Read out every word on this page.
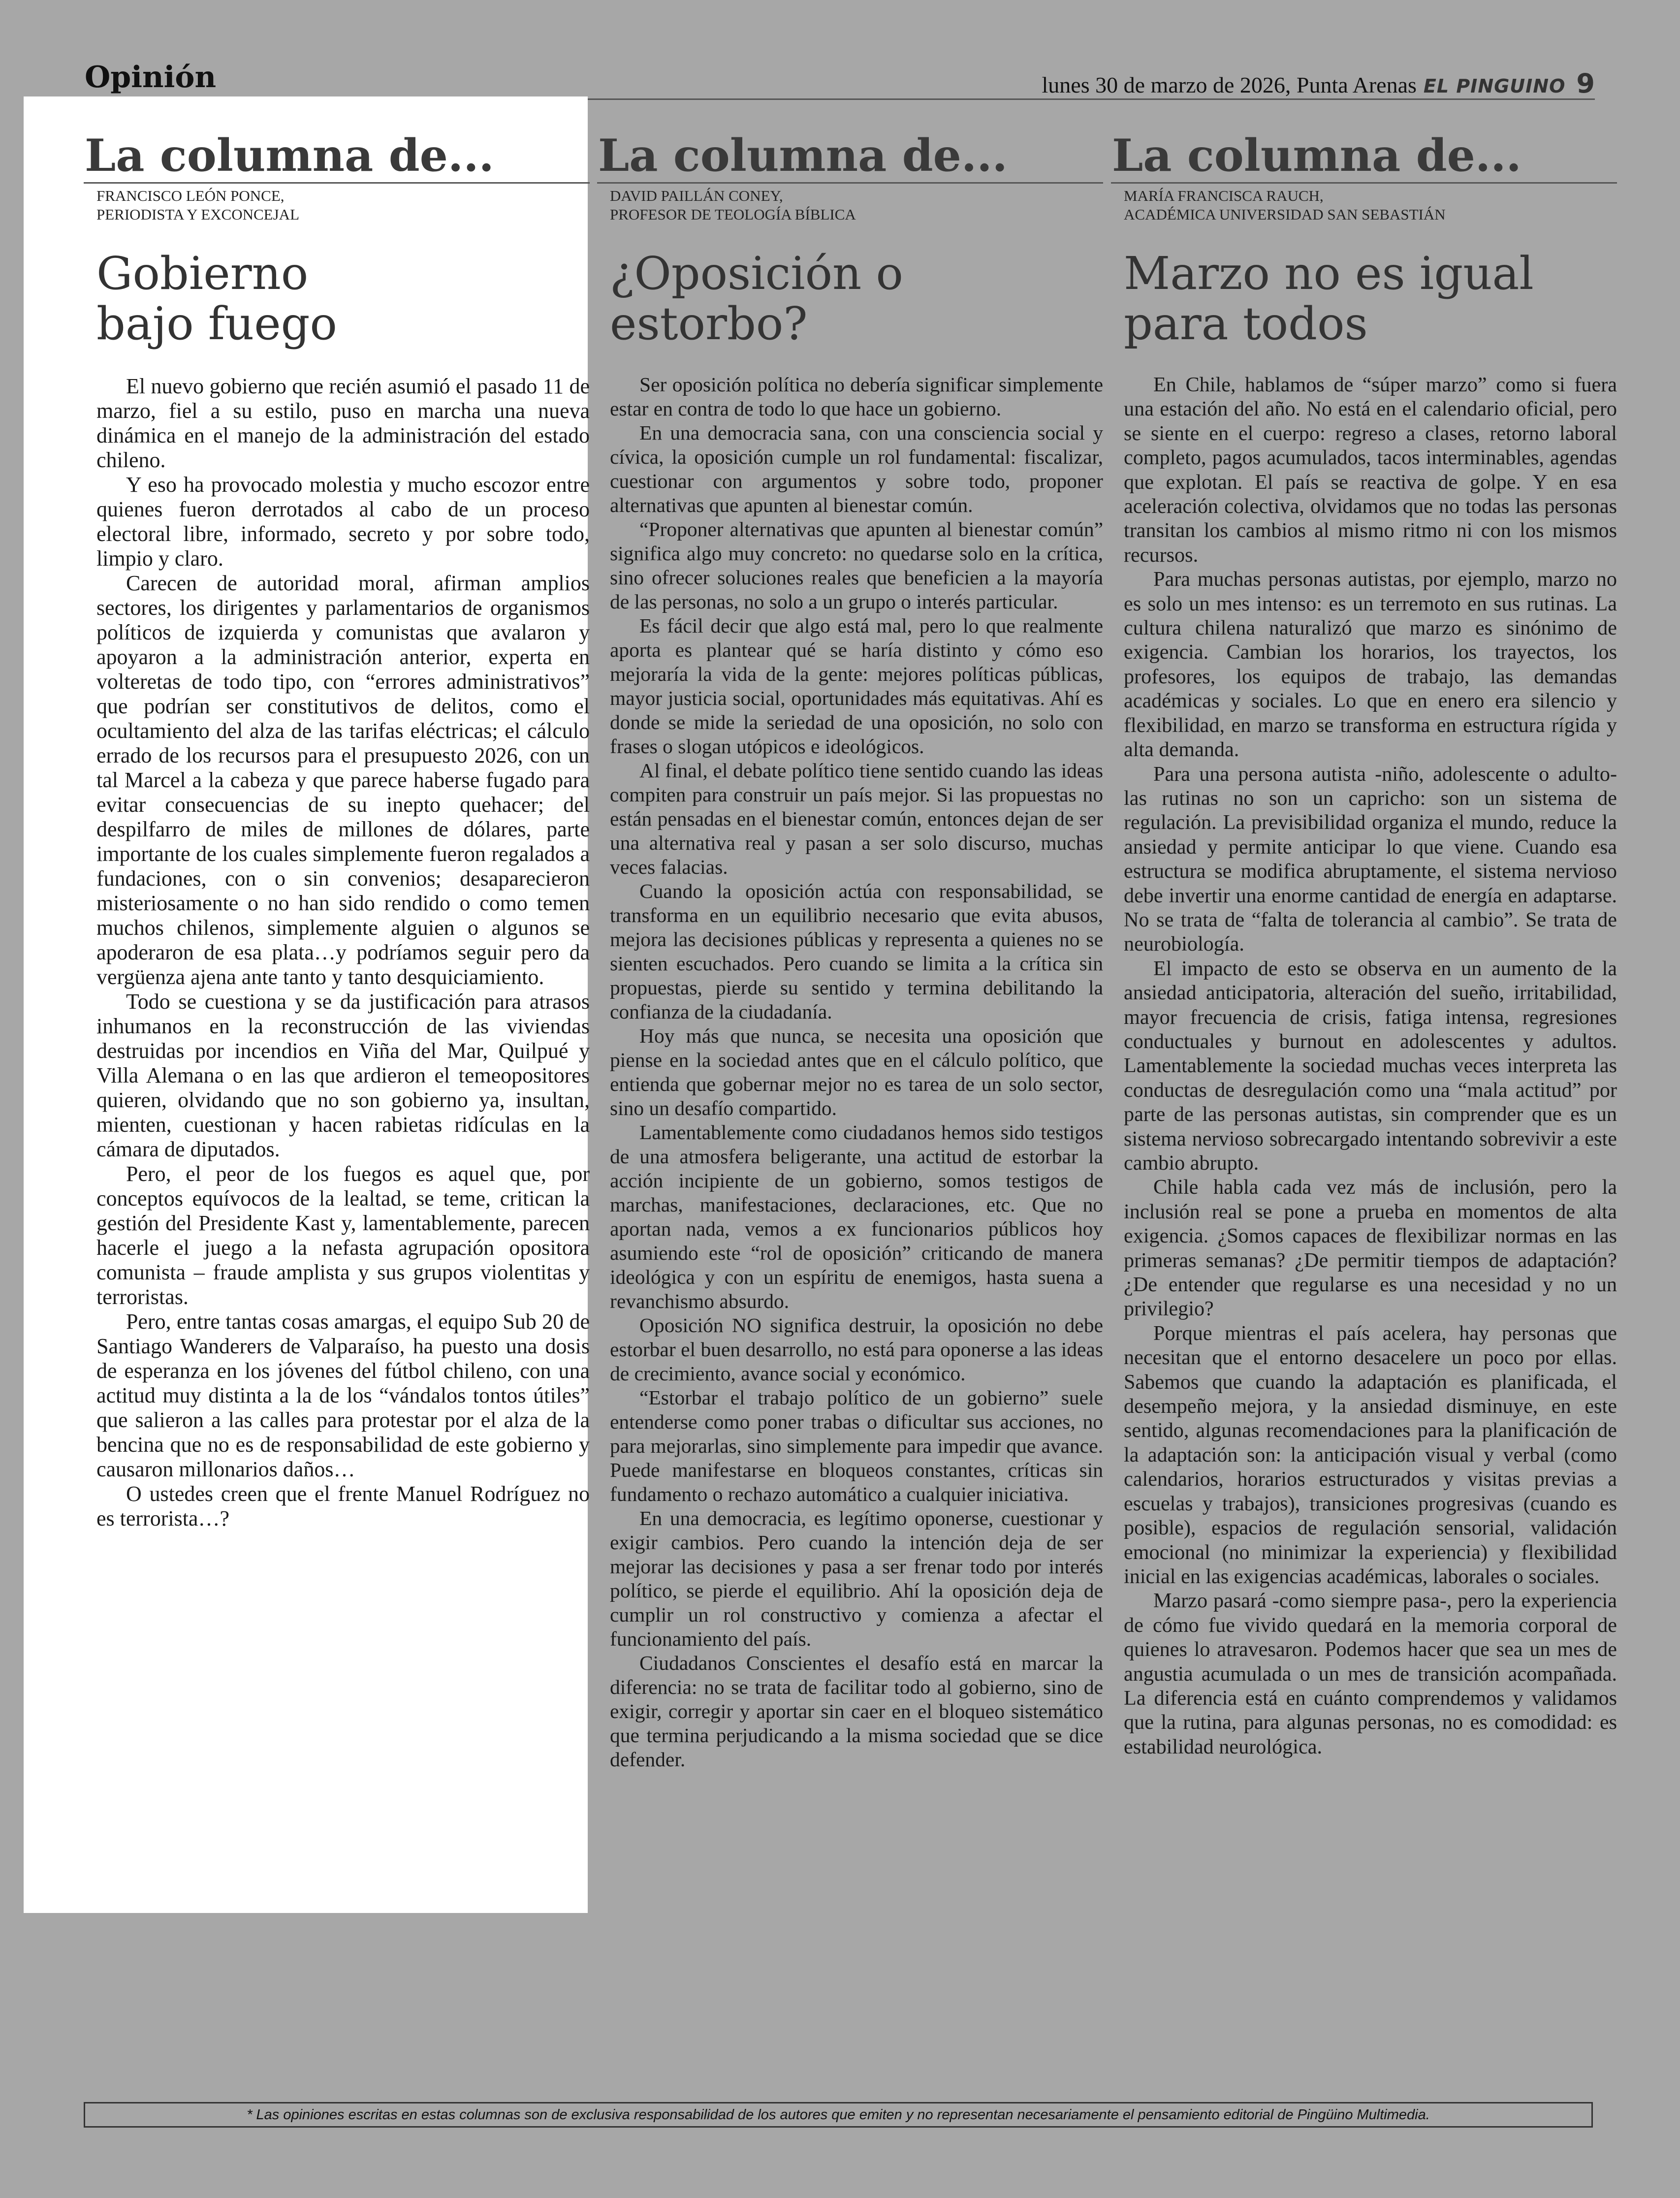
Opinión	lunes 30 de marzo de 2026, Punta Arenas EL PINGUINO 9
La columna de...
FRANCISCO LEÓN PONCE,
PERIODISTA Y EXCONCEJAL
Gobierno
bajo fuego

El nuevo gobierno que recién asumió el pasado 11 de marzo, fiel a su estilo, puso en marcha una nueva dinámica en el manejo de la administración del estado chileno.

Y eso ha provocado molestia y mucho escozor entre quienes fueron derrotados al cabo de un proceso electoral libre, informado, secreto y por sobre todo, limpio y claro.

Carecen de autoridad moral, afirman amplios sectores, los dirigentes y parlamentarios de organismos políticos de izquierda y comunistas que avalaron y apoyaron a la administración anterior, experta en volteretas de todo tipo, con “errores administrativos” que podrían ser constitutivos de delitos, como el ocultamiento del alza de las tarifas eléctricas; el cálculo errado de los recursos para el presupuesto 2026, con un tal Marcel a la cabeza y que parece haberse fugado para evitar consecuencias de su inepto quehacer; del despilfarro de miles de millones de dólares, parte importante de los cuales simplemente fueron regalados a fundaciones, con o sin convenios; desaparecieron misteriosamente o no han sido rendido o como temen muchos chilenos, simplemente alguien o algunos se apoderaron de esa plata…y podríamos seguir pero da vergüenza ajena ante tanto y tanto desquiciamiento.

Todo se cuestiona y se da justificación para atrasos inhumanos en la reconstrucción de las viviendas destruidas por incendios en Viña del Mar, Quilpué y Villa Alemana o en las que ardieron el temeopositores quieren, olvidando que no son gobierno ya, insultan, mienten, cuestionan y hacen rabietas ridículas en la cámara de diputados.

Pero, el peor de los fuegos es aquel que, por conceptos equívocos de la lealtad, se teme, critican la gestión del Presidente Kast y, lamentablemente, parecen hacerle el juego a la nefasta agrupación opositora comunista – fraude amplista y sus grupos violentitas y terroristas.

Pero, entre tantas cosas amargas, el equipo Sub 20 de Santiago Wanderers de Valparaíso, ha puesto una dosis de esperanza en los jóvenes del fútbol chileno, con una actitud muy distinta a la de los “vándalos tontos útiles” que salieron a las calles para protestar por el alza de la bencina que no es de responsabilidad de este gobierno y causaron millonarios daños…

O ustedes creen que el frente Manuel Rodríguez no es terrorista…?

La columna de...
DAVID PAILLÁN CONEY,
PROFESOR DE TEOLOGÍA BÍBLICA
¿Oposición o
estorbo?

Ser oposición política no debería significar simplemente estar en contra de todo lo que hace un gobierno.

En una democracia sana, con una consciencia social y cívica, la oposición cumple un rol fundamental: fiscalizar, cuestionar con argumentos y sobre todo, proponer alternativas que apunten al bienestar común.

“Proponer alternativas que apunten al bienestar común” significa algo muy concreto: no quedarse solo en la crítica, sino ofrecer soluciones reales que beneficien a la mayoría de las personas, no solo a un grupo o interés particular.

Es fácil decir que algo está mal, pero lo que realmente aporta es plantear qué se haría distinto y cómo eso mejoraría la vida de la gente: mejores políticas públicas, mayor justicia social, oportunidades más equitativas. Ahí es donde se mide la seriedad de una oposición, no solo con frases o slogan utópicos e ideológicos.

Al final, el debate político tiene sentido cuando las ideas compiten para construir un país mejor. Si las propuestas no están pensadas en el bienestar común, entonces dejan de ser una alternativa real y pasan a ser solo discurso, muchas veces falacias.

Cuando la oposición actúa con responsabilidad, se transforma en un equilibrio necesario que evita abusos, mejora las decisiones públicas y representa a quienes no se sienten escuchados. Pero cuando se limita a la crítica sin propuestas, pierde su sentido y termina debilitando la confianza de la ciudadanía.

Hoy más que nunca, se necesita una oposición que piense en la sociedad antes que en el cálculo político, que entienda que gobernar mejor no es tarea de un solo sector, sino un desafío compartido.

Lamentablemente como ciudadanos hemos sido testigos de una atmosfera beligerante, una actitud de estorbar la acción incipiente de un gobierno, somos testigos de marchas, manifestaciones, declaraciones, etc. Que no aportan nada, vemos a ex funcionarios públicos hoy asumiendo este “rol de oposición” criticando de manera ideológica y con un espíritu de enemigos, hasta suena a revanchismo absurdo.

Oposición NO significa destruir, la oposición no debe estorbar el buen desarrollo, no está para oponerse a las ideas de crecimiento, avance social y económico.

“Estorbar el trabajo político de un gobierno” suele entenderse como poner trabas o dificultar sus acciones, no para mejorarlas, sino simplemente para impedir que avance. Puede manifestarse en bloqueos constantes, críticas sin fundamento o rechazo automático a cualquier iniciativa.

En una democracia, es legítimo oponerse, cuestionar y exigir cambios. Pero cuando la intención deja de ser mejorar las decisiones y pasa a ser frenar todo por interés político, se pierde el equilibrio. Ahí la oposición deja de cumplir un rol constructivo y comienza a afectar el funcionamiento del país.

Ciudadanos Conscientes el desafío está en marcar la diferencia: no se trata de facilitar todo al gobierno, sino de exigir, corregir y aportar sin caer en el bloqueo sistemático que termina perjudicando a la misma sociedad que se dice defender.

La columna de...
MARÍA FRANCISCA RAUCH,
ACADÉMICA UNIVERSIDAD SAN SEBASTIÁN
Marzo no es igual
para todos

En Chile, hablamos de “súper marzo” como si fuera una estación del año. No está en el calendario oficial, pero se siente en el cuerpo: regreso a clases, retorno laboral completo, pagos acumulados, tacos interminables, agendas que explotan. El país se reactiva de golpe. Y en esa aceleración colectiva, olvidamos que no todas las personas transitan los cambios al mismo ritmo ni con los mismos recursos.

Para muchas personas autistas, por ejemplo, marzo no es solo un mes intenso: es un terremoto en sus rutinas. La cultura chilena naturalizó que marzo es sinónimo de exigencia. Cambian los horarios, los trayectos, los profesores, los equipos de trabajo, las demandas académicas y sociales. Lo que en enero era silencio y flexibilidad, en marzo se transforma en estructura rígida y alta demanda.

Para una persona autista -niño, adolescente o adulto- las rutinas no son un capricho: son un sistema de regulación. La previsibilidad organiza el mundo, reduce la ansiedad y permite anticipar lo que viene. Cuando esa estructura se modifica abruptamente, el sistema nervioso debe invertir una enorme cantidad de energía en adaptarse. No se trata de “falta de tolerancia al cambio”. Se trata de neurobiología.

El impacto de esto se observa en un aumento de la ansiedad anticipatoria, alteración del sueño, irritabilidad, mayor frecuencia de crisis, fatiga intensa, regresiones conductuales y burnout en adolescentes y adultos. Lamentablemente la sociedad muchas veces interpreta las conductas de desregulación como una “mala actitud” por parte de las personas autistas, sin comprender que es un sistema nervioso sobrecargado intentando sobrevivir a este cambio abrupto.

Chile habla cada vez más de inclusión, pero la inclusión real se pone a prueba en momentos de alta exigencia. ¿Somos capaces de flexibilizar normas en las primeras semanas? ¿De permitir tiempos de adaptación? ¿De entender que regularse es una necesidad y no un privilegio?

Porque mientras el país acelera, hay personas que necesitan que el entorno desacelere un poco por ellas. Sabemos que cuando la adaptación es planificada, el desempeño mejora, y la ansiedad disminuye, en este sentido, algunas recomendaciones para la planificación de la adaptación son: la anticipación visual y verbal (como calendarios, horarios estructurados y visitas previas a escuelas y trabajos), transiciones progresivas (cuando es posible), espacios de regulación sensorial, validación emocional (no minimizar la experiencia) y flexibilidad inicial en las exigencias académicas, laborales o sociales.

Marzo pasará -como siempre pasa-, pero la experiencia de cómo fue vivido quedará en la memoria corporal de quienes lo atravesaron. Podemos hacer que sea un mes de angustia acumulada o un mes de transición acompañada. La diferencia está en cuánto comprendemos y validamos que la rutina, para algunas personas, no es comodidad: es estabilidad neurológica.

* Las opiniones escritas en estas columnas son de exclusiva responsabilidad de los autores que emiten y no representan necesariamente el pensamiento editorial de Pingüino Multimedia.
